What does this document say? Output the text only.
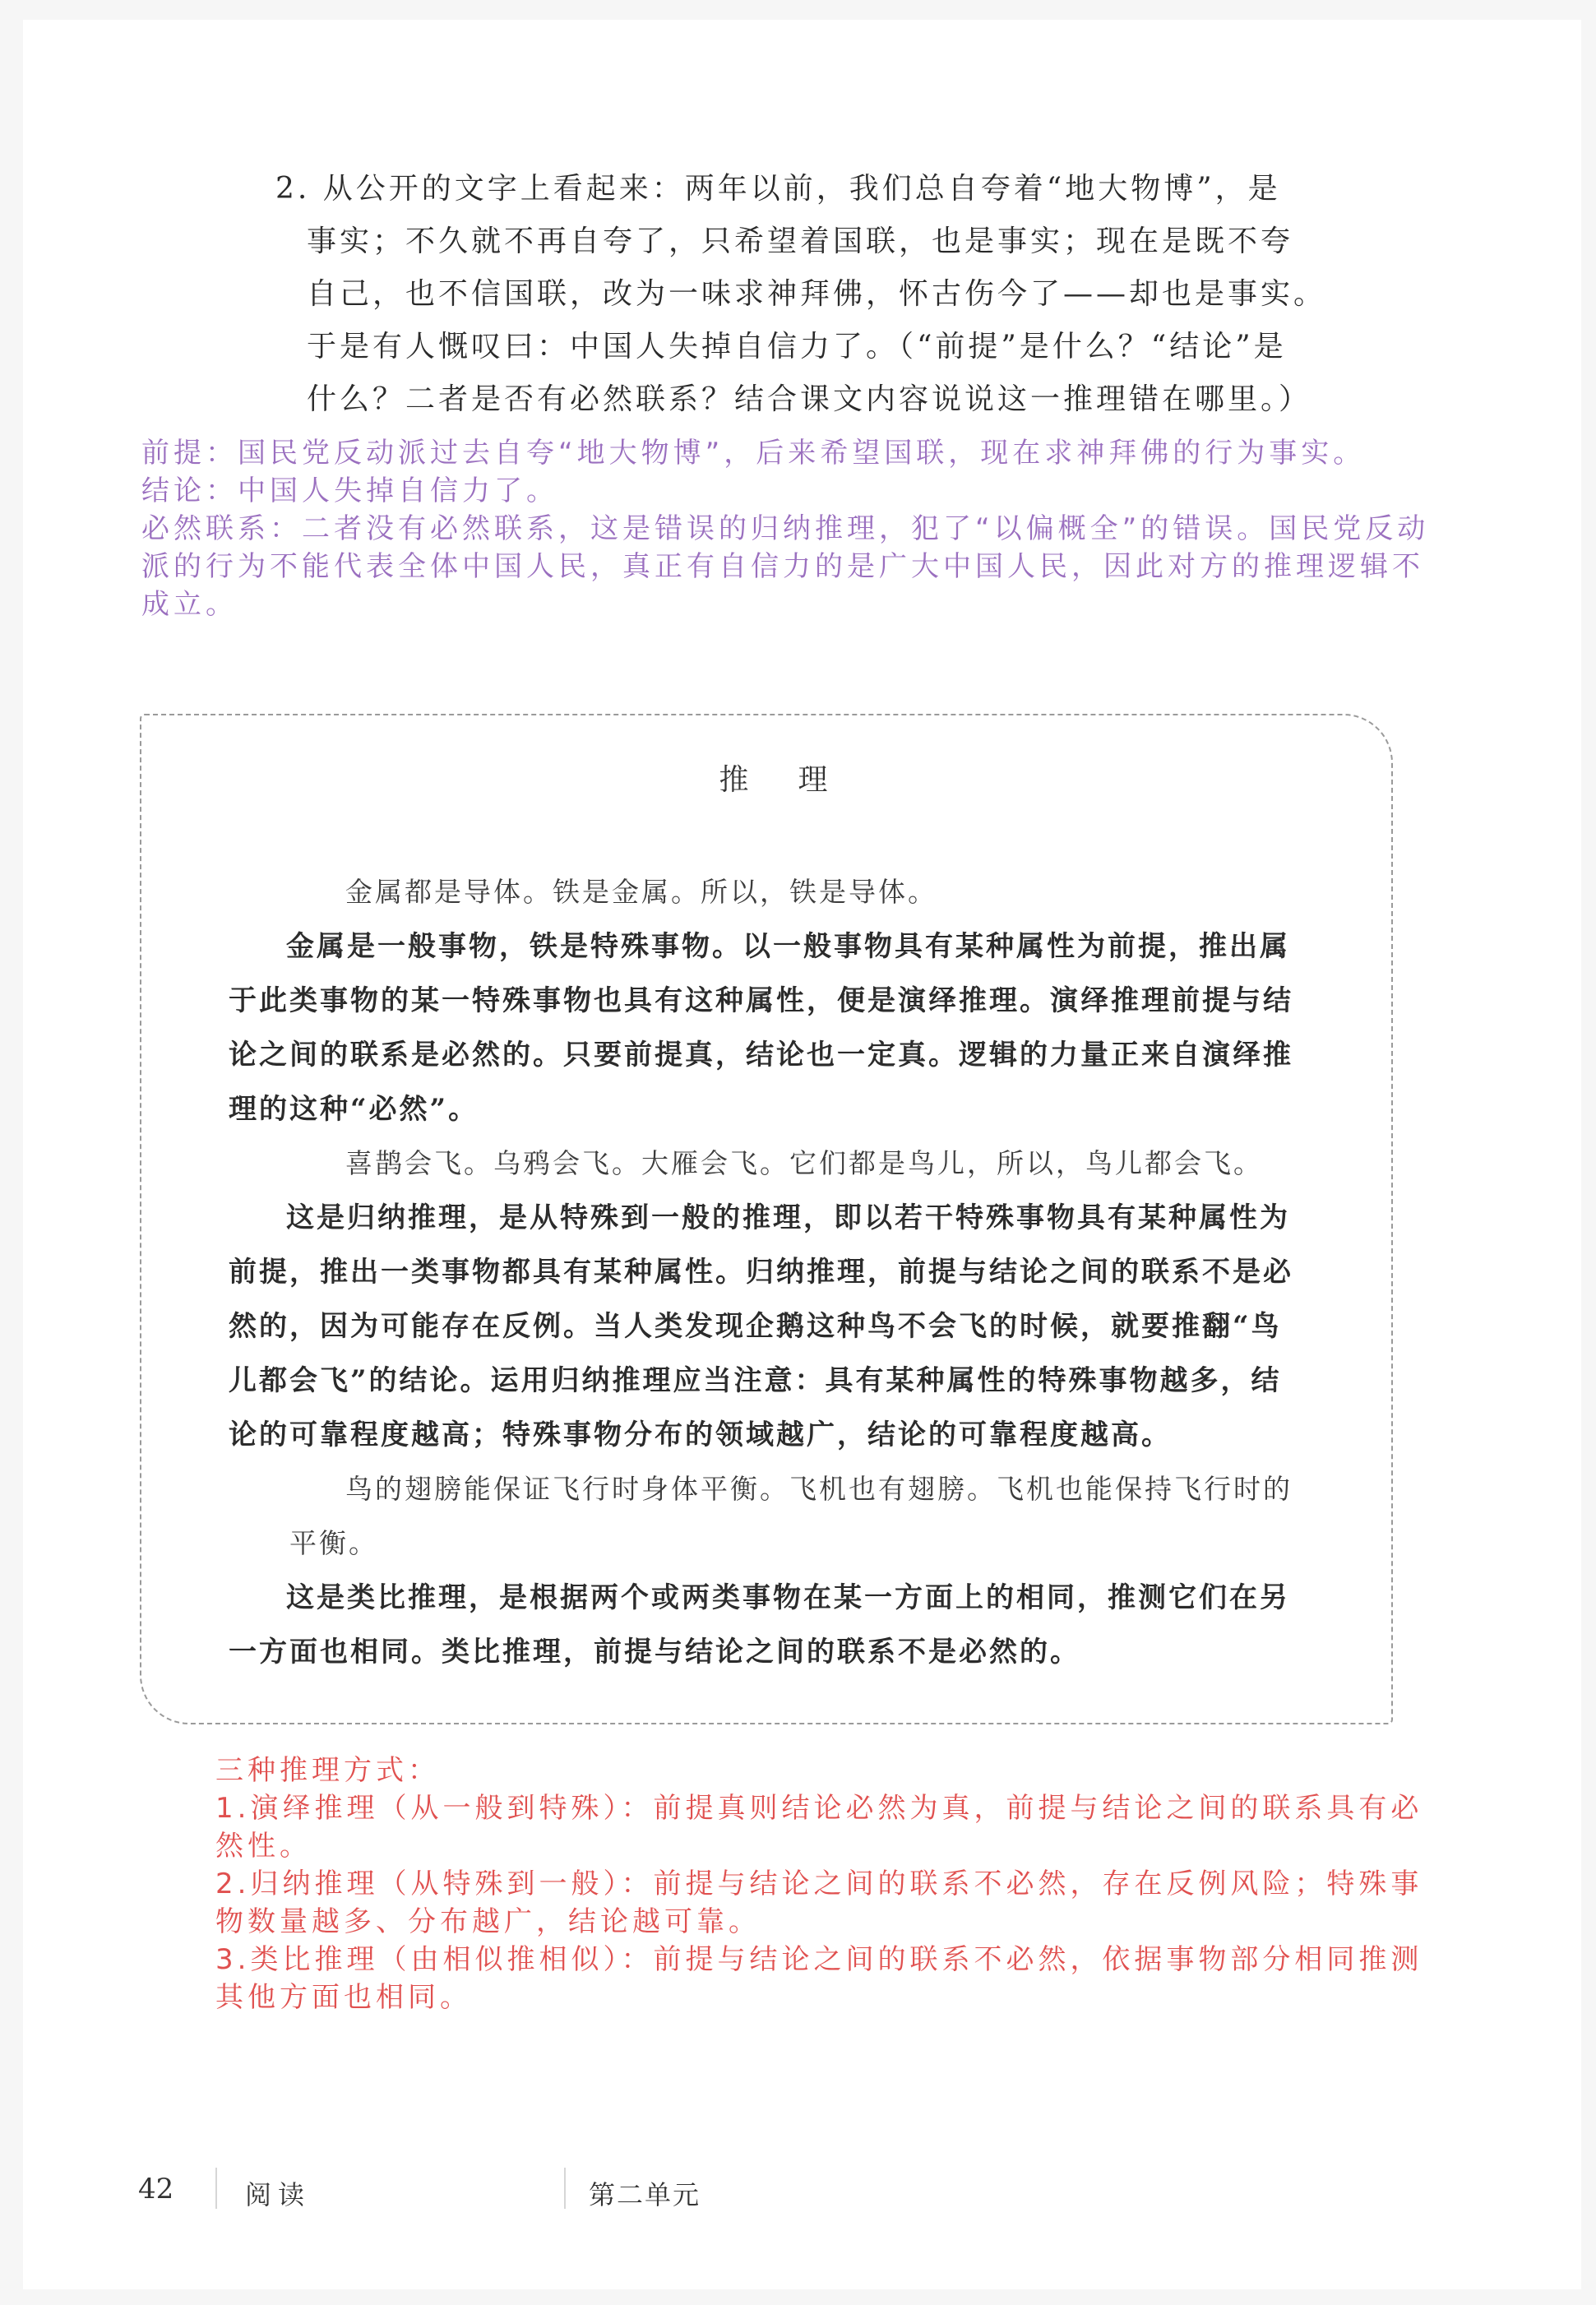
2. 从公开的文字上看起来：两年以前，我们总自夸着“地大物博”，是
事实；不久就不再自夸了，只希望着国联，也是事实；现在是既不夸
自己，也不信国联，改为一味求神拜佛，怀古伤今了——却也是事实。
于是有人慨叹曰：中国人失掉自信力了。（“前提”是什么？“结论”是
什么？二者是否有必然联系？结合课文内容说说这一推理错在哪里。）

前提：国民党反动派过去自夸“地大物博”，后来希望国联，现在求神拜佛的行为事实。

结论：中国人失掉自信力了。

必然联系：二者没有必然联系，这是错误的归纳推理，犯了“以偏概全”的错误。国民党反动派的行为不能代表全体中国人民，真正有自信力的是广大中国人民，因此对方的推理逻辑不成立。

推理
金属都是导体。铁是金属。所以，铁是导体。

金属是一般事物，铁是特殊事物。以一般事物具有某种属性为前提，推出属于此类事物的某一特殊事物也具有这种属性，便是演绎推理。演绎推理前提与结论之间的联系是必然的。只要前提真，结论也一定真。逻辑的力量正来自演绎推理的这种“必然”。

喜鹊会飞。乌鸦会飞。大雁会飞。它们都是鸟儿，所以，鸟儿都会飞。

这是归纳推理，是从特殊到一般的推理，即以若干特殊事物具有某种属性为前提，推出一类事物都具有某种属性。归纳推理，前提与结论之间的联系不是必然的，因为可能存在反例。当人类发现企鹅这种鸟不会飞的时候，就要推翻“鸟儿都会飞”的结论。运用归纳推理应当注意：具有某种属性的特殊事物越多，结论的可靠程度越高；特殊事物分布的领域越广，结论的可靠程度越高。

鸟的翅膀能保证飞行时身体平衡。飞机也有翅膀。飞机也能保持飞行时的平衡。

这是类比推理，是根据两个或两类事物在某一方面上的相同，推测它们在另一方面也相同。类比推理，前提与结论之间的联系不是必然的。

三种推理方式：

1.演绎推理（从一般到特殊）：前提真则结论必然为真，前提与结论之间的联系具有必然性。

2.归纳推理（从特殊到一般）：前提与结论之间的联系不必然，存在反例风险；特殊事物数量越多、分布越广，结论越可靠。

3.类比推理（由相似推相似）：前提与结论之间的联系不必然，依据事物部分相同推测其他方面也相同。

42	阅读	第二单元
